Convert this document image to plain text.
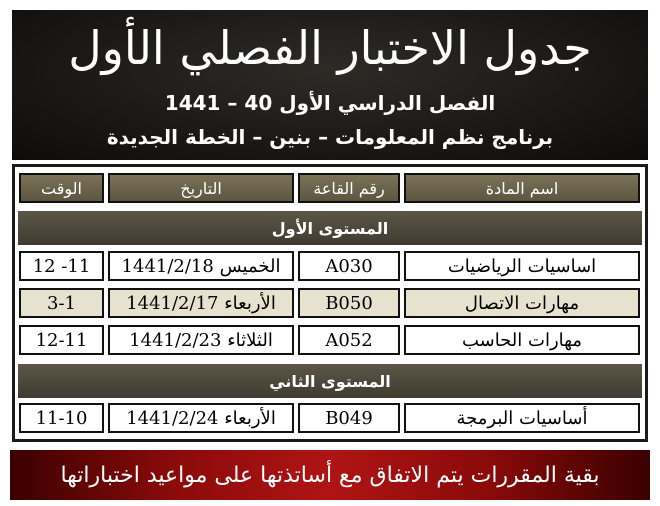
جدول الاختبار الفصلي الأول
الفصل الدراسي الأول 40 – 1441
برنامج نظم المعلومات – بنين – الخطة الجديدة
اسم المادة
رقم القاعة
التاريخ
الوقت
المستوى الأول
اساسيات الرياضيات
A030
الخميس

1441/2/18
12 -11
مهارات الاتصال
B050
الأربعاء

1441/2/17
3-1
مهارات الحاسب
A052
الثلاثاء

1441/2/23
12-11
المستوى الثاني
أساسيات البرمجة
B049
الأربعاء

1441/2/24
11-10
بقية المقررات يتم الاتفاق مع أساتذتها على مواعيد اختباراتها
